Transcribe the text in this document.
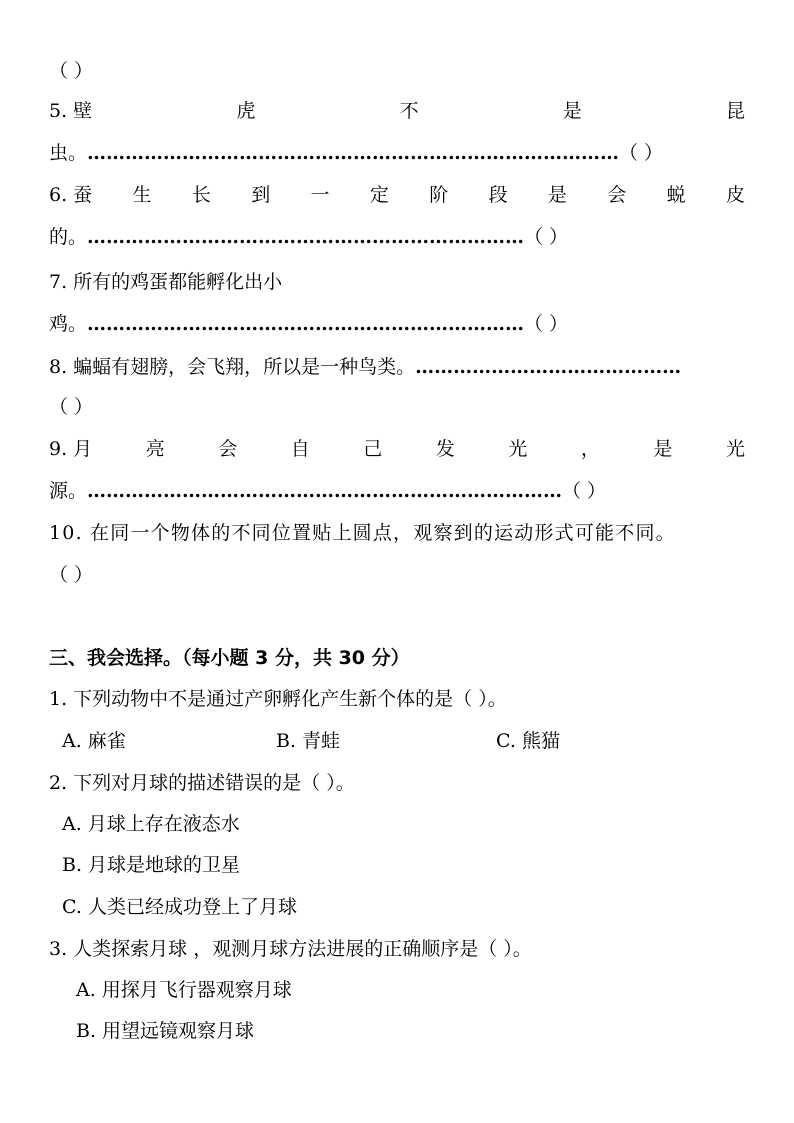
（ ）
5. 壁	虎	不	是	昆
虫。…………………………………………………………………………（ ）
6. 蚕 生 长 到 一 定 阶 段 是 会 蜕 皮
的。……………………………………………………………（ ）
7. 所有的鸡蛋都能孵化出小
鸡。……………………………………………………………（ ）
8. 蝙蝠有翅膀，会飞翔，所以是一种鸟类。……………………………………
（ ）
9. 月	亮	会	自	己	发	光	，	是	光
源。…………………………………………………………………（ ）
10. 在同一个物体的不同位置贴上圆点，观察到的运动形式可能不同。
（ ）
三、我会选择。（每小题 3 分，共 30 分）
1. 下列动物中不是通过产卵孵化产生新个体的是（ ）。
A. 麻雀	B. 青蛙	C. 熊猫
2. 下列对月球的描述错误的是（ ）。
A. 月球上存在液态水
B. 月球是地球的卫星
C. 人类已经成功登上了月球
3. 人类探索月球 ，观测月球方法进展的正确顺序是（ ）。
A. 用探月飞行器观察月球
B. 用望远镜观察月球
